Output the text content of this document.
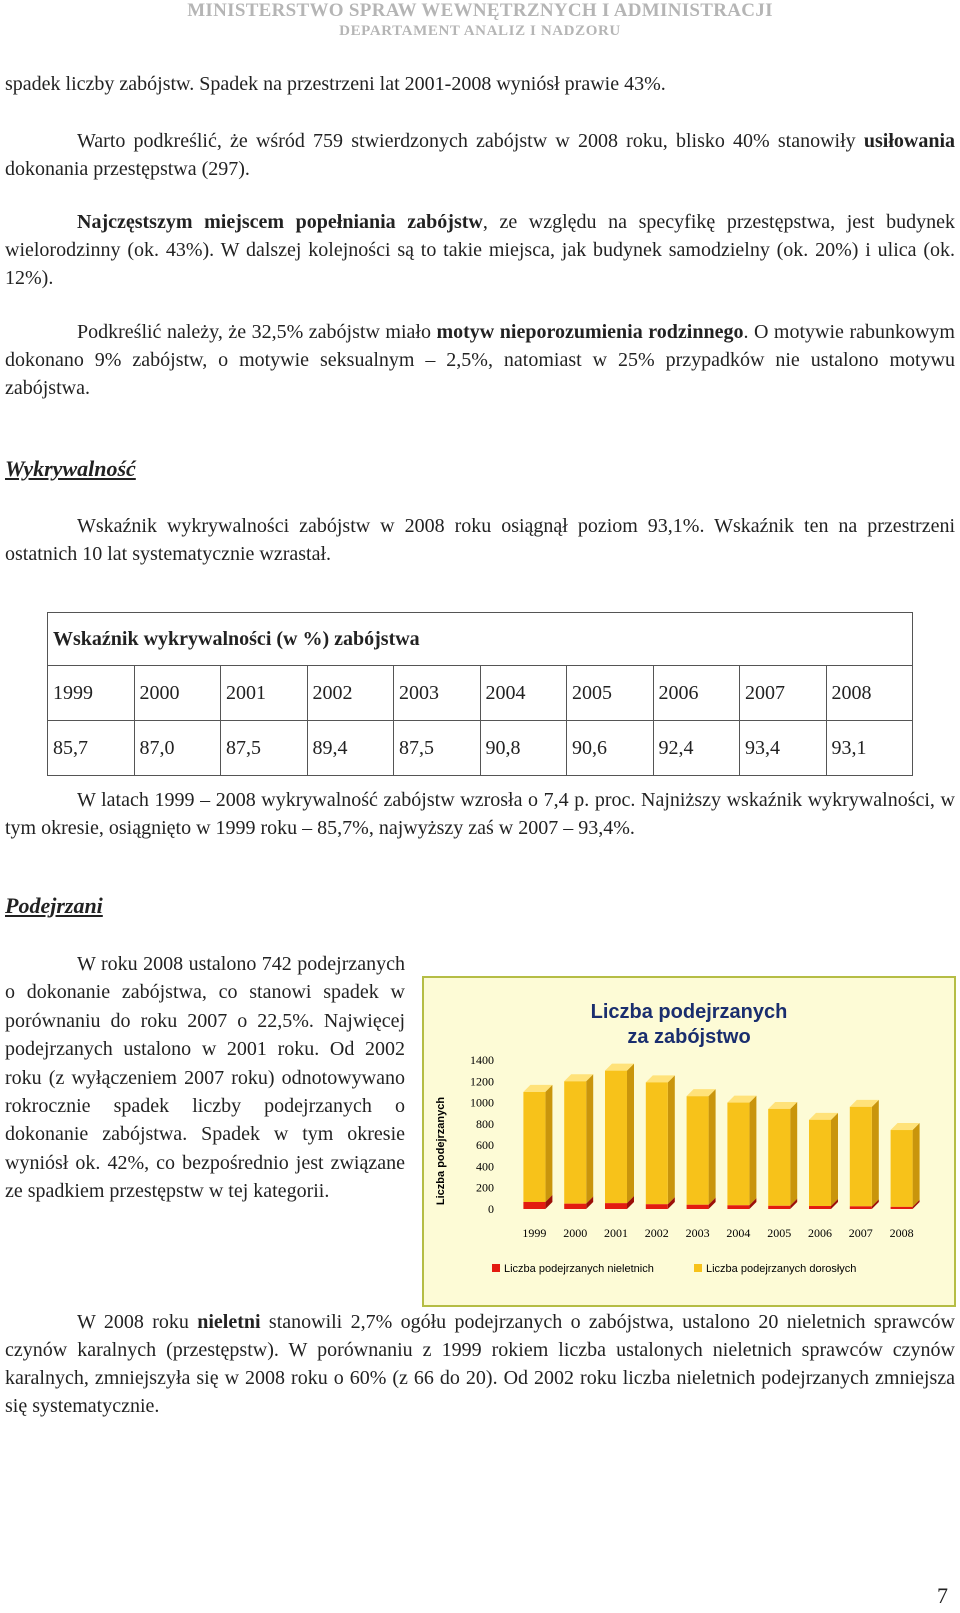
MINISTERSTWO SPRAW WEWNĘTRZNYCH I ADMINISTRACJI
DEPARTAMENT ANALIZ I NADZORU
spadek liczby zabójstw. Spadek na przestrzeni lat 2001-2008 wyniósł prawie 43%.
Warto podkreślić, że wśród 759 stwierdzonych zabójstw w 2008 roku, blisko 40% stanowiły usiłowania dokonania przestępstwa (297).
Najczęstszym miejscem popełniania zabójstw, ze względu na specyfikę przestępstwa, jest budynek wielorodzinny (ok. 43%). W dalszej kolejności są to takie miejsca, jak budynek samodzielny (ok. 20%) i ulica (ok. 12%).
Podkreślić należy, że 32,5% zabójstw miało motyw nieporozumienia rodzinnego. O motywie rabunkowym dokonano 9% zabójstw, o motywie seksualnym – 2,5%, natomiast w 25% przypadków nie ustalono motywu zabójstwa.
Wykrywalność
Wskaźnik wykrywalności zabójstw w 2008 roku osiągnął poziom 93,1%. Wskaźnik ten na przestrzeni ostatnich 10 lat systematycznie wzrastał.
Wskaźnik wykrywalności (w %) zabójstwa									
1999	2000	2001	2002	2003	2004	2005	2006	2007	2008
85,7	87,0	87,5	89,4	87,5	90,8	90,6	92,4	93,4	93,1
W latach 1999 – 2008 wykrywalność zabójstw wzrosła o 7,4 p. proc. Najniższy wskaźnik wykrywalności, w tym okresie, osiągnięto w 1999 roku – 85,7%, najwyższy zaś w 2007 – 93,4%.
Podejrzani
W roku 2008 ustalono 742 podejrzanych o dokonanie zabójstwa, co stanowi spadek w porównaniu do roku 2007 o 22,5%. Najwięcej podejrzanych ustalono w 2001 roku. Od 2002 roku (z wyłączeniem 2007 roku) odnotowywano rokrocznie spadek liczby podejrzanych o dokonanie zabójstwa. Spadek w tym okresie wyniósł ok. 42%, co bezpośrednio jest związane ze spadkiem przestępstw w tej kategorii.
Liczba podejrzanych
za zabójstwo
Liczba podejrzanych
0
200
400
600
800
1000
1200
1400
1999 2000 2001 2002 2003 2004 2005 2006 2007 2008
Liczba podejrzanych nieletnich	Liczba podejrzanych dorosłych
W 2008 roku nieletni stanowili 2,7% ogółu podejrzanych o zabójstwa, ustalono 20 nieletnich sprawców czynów karalnych (przestępstw). W porównaniu z 1999 rokiem liczba ustalonych nieletnich sprawców czynów karalnych, zmniejszyła się w 2008 roku o 60% (z 66 do 20). Od 2002 roku liczba nieletnich podejrzanych zmniejsza się systematycznie.
7
